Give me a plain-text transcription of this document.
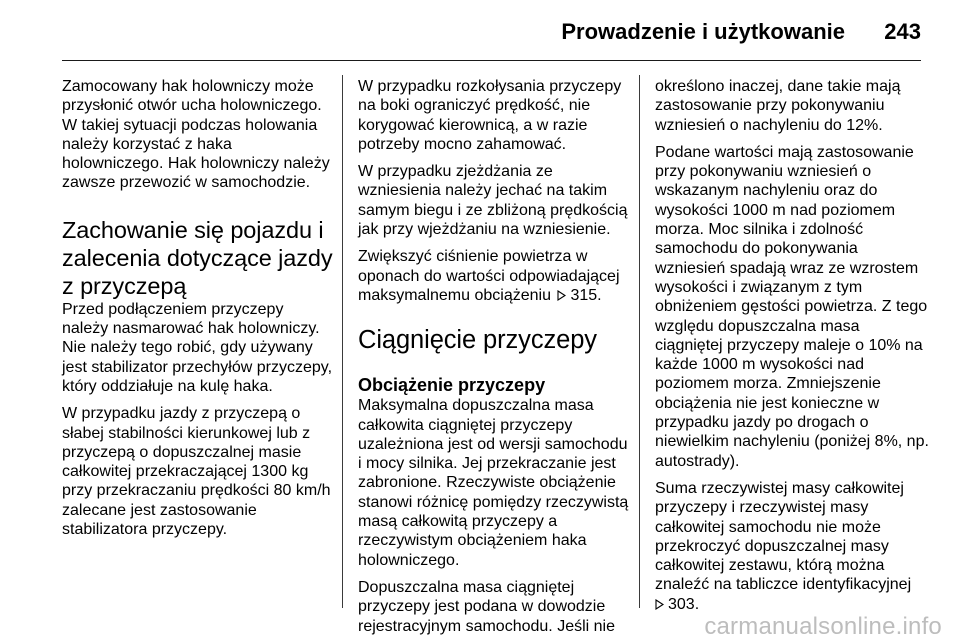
Prowadzenie i użytkowanie 243

Zamocowany hak holowniczy może przysłonić otwór ucha holowniczego. W takiej sytuacji podczas holowania należy korzystać z haka holowniczego. Hak holowniczy należy zawsze przewozić w samochodzie.

Zachowanie się pojazdu i zalecenia dotyczące jazdy z przyczepą

Przed podłączeniem przyczepy należy nasmarować hak holowniczy. Nie należy tego robić, gdy używany jest stabilizator przechyłów przyczepy, który oddziałuje na kulę haka.

W przypadku jazdy z przyczepą o słabej stabilności kierunkowej lub z przyczepą o dopuszczalnej masie całkowitej przekraczającej 1300 kg przy przekraczaniu prędkości 80 km/h zalecane jest zastosowanie stabilizatora przyczepy.

W przypadku rozkołysania przyczepy na boki ograniczyć prędkość, nie korygować kierownicą, a w razie potrzeby mocno zahamować.

W przypadku zjeżdżania ze wzniesienia należy jechać na takim samym biegu i ze zbliżoną prędkością jak przy wjeżdżaniu na wzniesienie.

Zwiększyć ciśnienie powietrza w oponach do wartości odpowiadającej maksymalnemu obciążeniu 315.

Ciągnięcie przyczepy
Obciążenie przyczepy

Maksymalna dopuszczalna masa całkowita ciągniętej przyczepy uzależniona jest od wersji samochodu i mocy silnika. Jej przekraczanie jest zabronione. Rzeczywiste obciążenie stanowi różnicę pomiędzy rzeczywistą masą całkowitą przyczepy a rzeczywistym obciążeniem haka holowniczego.

Dopuszczalna masa ciągniętej przyczepy jest podana w dowodzie rejestracyjnym samochodu. Jeśli nie

określono inaczej, dane takie mają zastosowanie przy pokonywaniu wzniesień o nachyleniu do 12%.

Podane wartości mają zastosowanie przy pokonywaniu wzniesień o wskazanym nachyleniu oraz do wysokości 1000 m nad poziomem morza. Moc silnika i zdolność samochodu do pokonywania wzniesień spadają wraz ze wzrostem wysokości i związanym z tym obniżeniem gęstości powietrza. Z tego względu dopuszczalna masa ciągniętej przyczepy maleje o 10% na każde 1000 m wysokości nad poziomem morza. Zmniejszenie obciążenia nie jest konieczne w przypadku jazdy po drogach o niewielkim nachyleniu (poniżej 8%, np. autostrady).

Suma rzeczywistej masy całkowitej przyczepy i rzeczywistej masy całkowitej samochodu nie może przekroczyć dopuszczalnej masy całkowitej zestawu, którą można znaleźć na tabliczce identyfikacyjnej

303.

carmanualsonline.info
